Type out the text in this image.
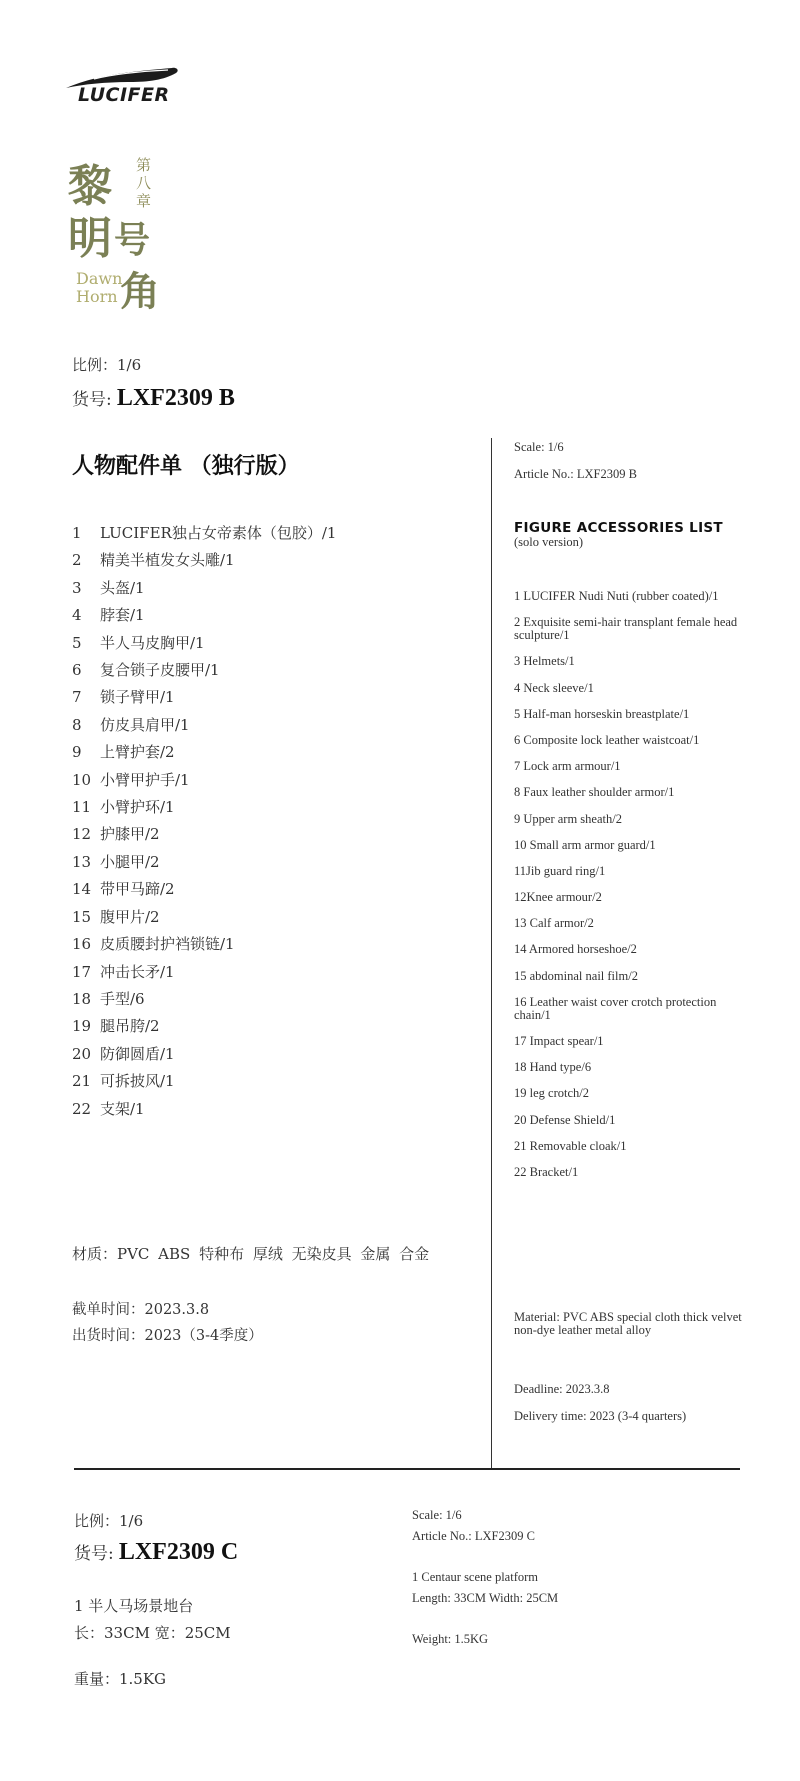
LUCIFER
黎
明 号
角
第
八
章
Dawn
Horn
比例：1/6
货号: LXF2309 B
人物配件单 （独行版）
1	LUCIFER独占女帝素体（包胶）/1
2	精美半植发女头雕/1
3	头盔/1
4	脖套/1
5	半人马皮胸甲/1
6	复合锁子皮腰甲/1
7	锁子臂甲/1
8	仿皮具肩甲/1
9	上臂护套/2
10 小臂甲护手/1
11 小臂护环/1
12 护膝甲/2
13 小腿甲/2
14 带甲马蹄/2
15 腹甲片/2
16 皮质腰封护裆锁链/1
17 冲击长矛/1
18 手型/6
19 腿吊胯/2
20 防御圆盾/1
21 可拆披风/1
22 支架/1
材质：PVC ABS 特种布 厚绒 无染皮具 金属 合金
截单时间：2023.3.8
出货时间：2023（3-4季度）
Scale: 1/6
Article No.: LXF2309 B
FIGURE ACCESSORIES LIST
(solo version)
1 LUCIFER Nudi Nuti (rubber coated)/1
2 Exquisite semi-hair transplant female head sculpture/1
3 Helmets/1
4 Neck sleeve/1
5 Half-man horseskin breastplate/1
6 Composite lock leather waistcoat/1
7 Lock arm armour/1
8 Faux leather shoulder armor/1
9 Upper arm sheath/2
10 Small arm armor guard/1
11Jib guard ring/1
12Knee armour/2
13 Calf armor/2
14 Armored horseshoe/2
15 abdominal nail film/2
16 Leather waist cover crotch protection chain/1
17 Impact spear/1
18 Hand type/6
19 leg crotch/2
20 Defense Shield/1
21 Removable cloak/1
22 Bracket/1
Material: PVC ABS special cloth thick velvet non-dye leather metal alloy
Deadline: 2023.3.8
Delivery time: 2023 (3-4 quarters)
比例：1/6
货号: LXF2309 C
1 半人马场景地台
长：33CM 宽：25CM
重量：1.5KG
Scale: 1/6
Article No.: LXF2309 C
1 Centaur scene platform
Length: 33CM Width: 25CM
Weight: 1.5KG
